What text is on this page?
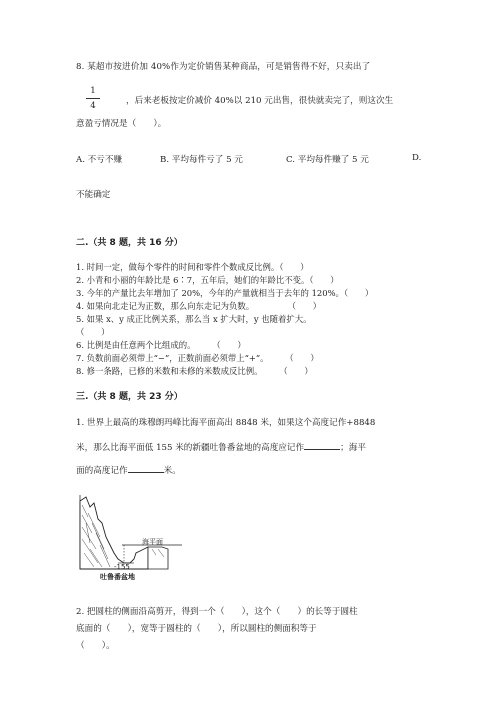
8. 某超市按进价加 40%作为定价销售某种商品，可是销售得不好，只卖出了
1
4	，后来老板按定价减价 40%以 210 元出售，很快就卖完了，则这次生
意盈亏情况是（　　）。
A. 不亏不赚	B. 平均每件亏了 5 元	C. 平均每件赚了 5 元	D.
不能确定
二.（共 8 题，共 16 分）
1. 时间一定，做每个零件的时间和零件个数成反比例。（　　）
2. 小青和小丽的年龄比是 6∶7，五年后，她们的年龄比不变。（　　）
3. 今年的产量比去年增加了 20%，今年的产量就相当于去年的 120%。（　　）
4. 如果向北走记为正数，那么向东走记为负数。　　　　　（　　）
5. 如果 x、y 成正比例关系，那么当 x 扩大时，y 也随着扩大。
（　　）
6. 比例是由任意两个比组成的。　　　（　　）
7. 负数前面必须带上“−”，正数前面必须带上“+”。　　　（　　）
8. 修一条路，已修的米数和未修的米数成反比例。　　　（　　）
三.（共 8 题，共 23 分）
1. 世界上最高的珠穆朗玛峰比海平面高出 8848 米，如果这个高度记作+8848
米，那么比海平面低 155 米的新疆吐鲁番盆地的高度应记作	；海平
面的高度记作	米。
海平面
-155
吐鲁番盆地
2. 把圆柱的侧面沿高剪开，得到一个（　　），这个（　　）的长等于圆柱
底面的（　　），宽等于圆柱的（　　），所以圆柱的侧面积等于
（　　）。
